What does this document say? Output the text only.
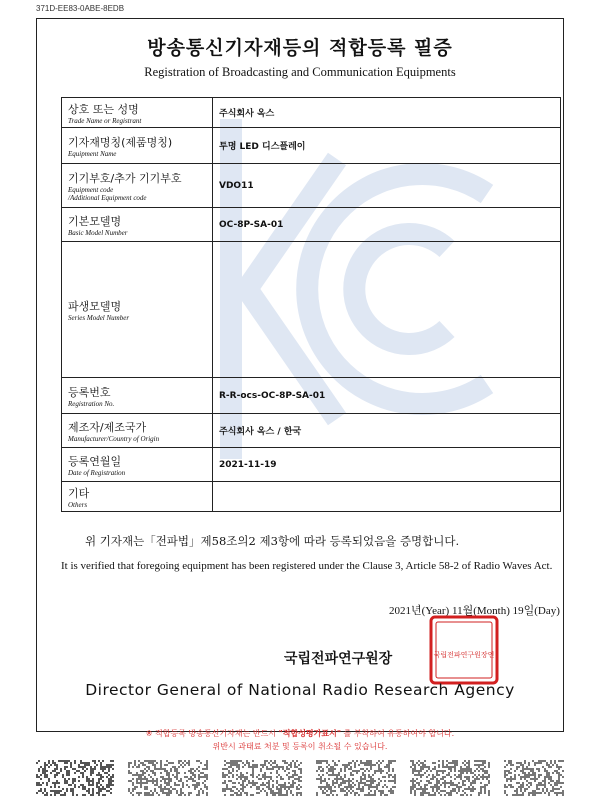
371D-EE83-0ABE-8EDB
방송통신기자재등의 적합등록 필증
Registration of Broadcasting and Communication Equipments
상호 또는 성명
Trade Name or Registrant	주식회사 옥스

기자재명칭(제품명칭)
Equipment Name	투명 LED 디스플레이

기기부호/추가 기기부호
Equipment code
/Additional Equipment code	VDO11

기본모델명
Basic Model Number	OC-8P-SA-01

파생모델명
Series Model Number	

등록번호
Registration No.	R-R-ocs-OC-8P-SA-01

제조자/제조국가
Manufacturer/Country of Origin	주식회사 옥스 / 한국

등록연월일
Date of Registration	2021-11-19

기타
Others	

위 기자재는「전파법」제58조의2 제3항에 따라 등록되었음을 증명합니다.
It is verified that foregoing equipment has been registered under the Clause 3, Article 58-2 of Radio Waves Act.
2021년(Year) 11월(Month) 19일(Day)
국립전파연구원장	국립전파연구원장인
Director General of National Radio Research Agency
※ 적합등록 방송통신기자재는 반드시 "적합성평가표시" 를 부착하여 유통하여야 합니다.
위반시 과태료 처분 및 등록이 취소될 수 있습니다.
